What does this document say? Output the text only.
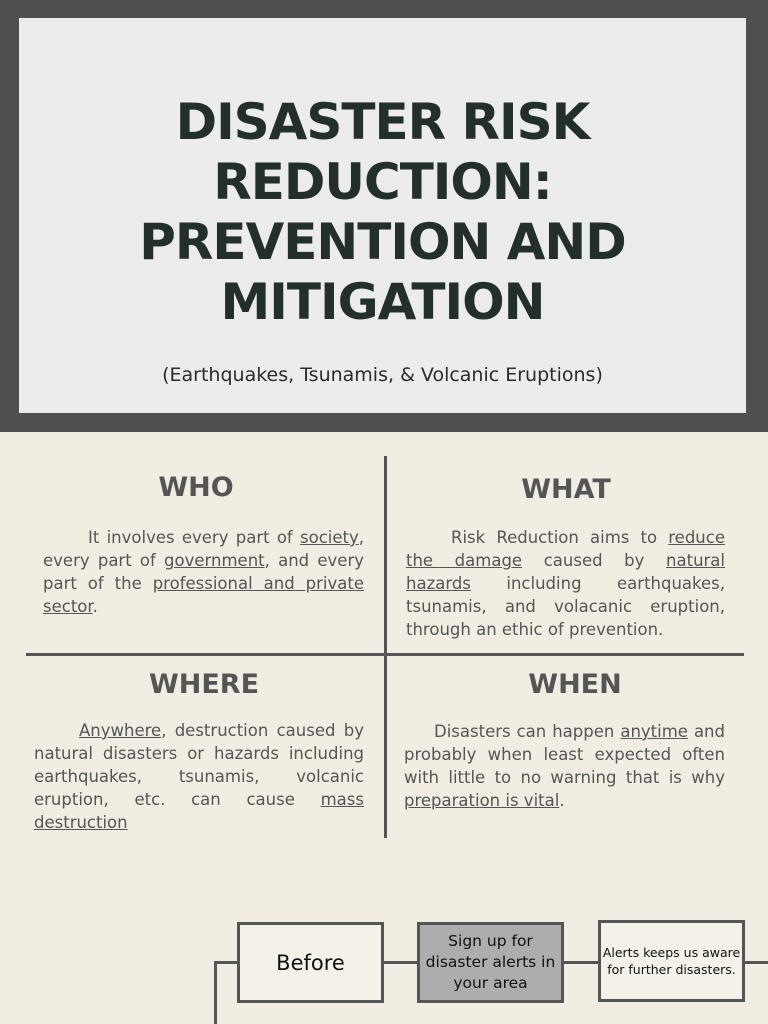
DISASTER RISK
REDUCTION:
PREVENTION AND
MITIGATION
(Earthquakes, Tsunamis, & Volcanic Eruptions)
WHO
It involves every part of society, every part of government, and every part of the professional and private sector.
WHAT
Risk Reduction aims to reduce the damage caused by natural hazards including earthquakes, tsunamis, and volacanic eruption, through an ethic of prevention.
WHERE
Anywhere, destruction caused by natural disasters or hazards including earthquakes, tsunamis, volcanic eruption, etc. can cause mass destruction
WHEN
Disasters can happen anytime and probably when least expected often with little to no warning that is why preparation is vital.
Before
Sign up for disaster alerts in your area
Alerts keeps us aware for further disasters.
